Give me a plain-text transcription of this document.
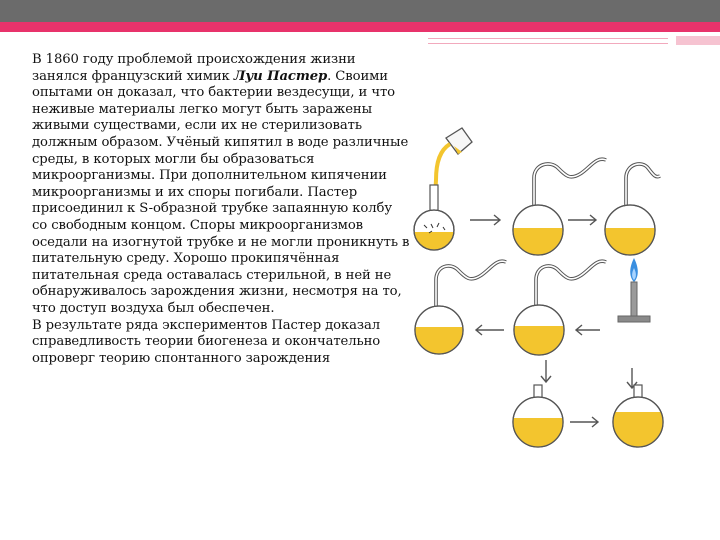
В 1860 году проблемой происхождения жизни занялся французский химик Луи Пастер. Своими опытами он доказал, что бактерии вездесущи, и что неживые материалы легко могут быть заражены живыми существами, если их не стерилизовать должным образом. Учёный кипятил в воде различные среды, в которых могли бы образоваться микроорганизмы. При дополнительном кипячении микроорганизмы и их споры погибали. Пастер присоединил к S-образной трубке запаянную колбу со свободным концом. Споры микроорганизмов оседали на изогнутой трубке и не могли проникнуть в питательную среду. Хорошо прокипячённая питательная среда оставалась стерильной, в ней не обнаруживалось зарождения жизни, несмотря на то, что доступ воздуха был обеспечен.

В результате ряда экспериментов Пастер доказал справедливость теории биогенеза и окончательно опроверг теорию спонтанного зарождения
